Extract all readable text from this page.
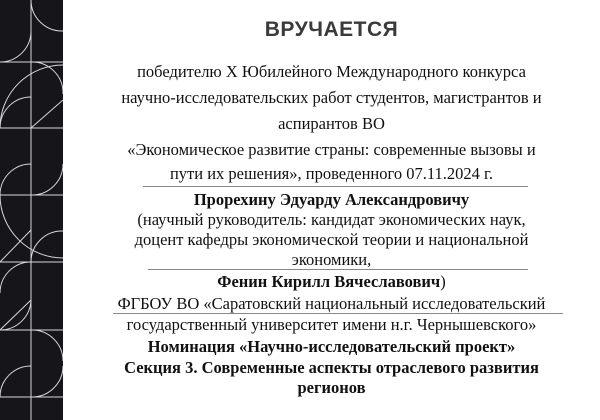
ВРУЧАЕТСЯ
победителю X Юбилейного Международного конкурса
научно-исследовательских работ студентов, магистрантов и
аспирантов ВО
«Экономическое развитие страны: современные вызовы и
пути их решения», проведенного 07.11.2024 г.
Прорехину Эдуарду Александровичу
(научный руководитель: кандидат экономических наук,
доцент кафедры экономической теории и национальной
экономики,
Фенин Кирилл Вячеславович)
ФГБОУ ВО «Саратовский национальный исследовательский
государственный университет имени н.г. Чернышевского»
Номинация «Научно-исследовательский проект»
Секция 3. Современные аспекты отраслевого развития
регионов
